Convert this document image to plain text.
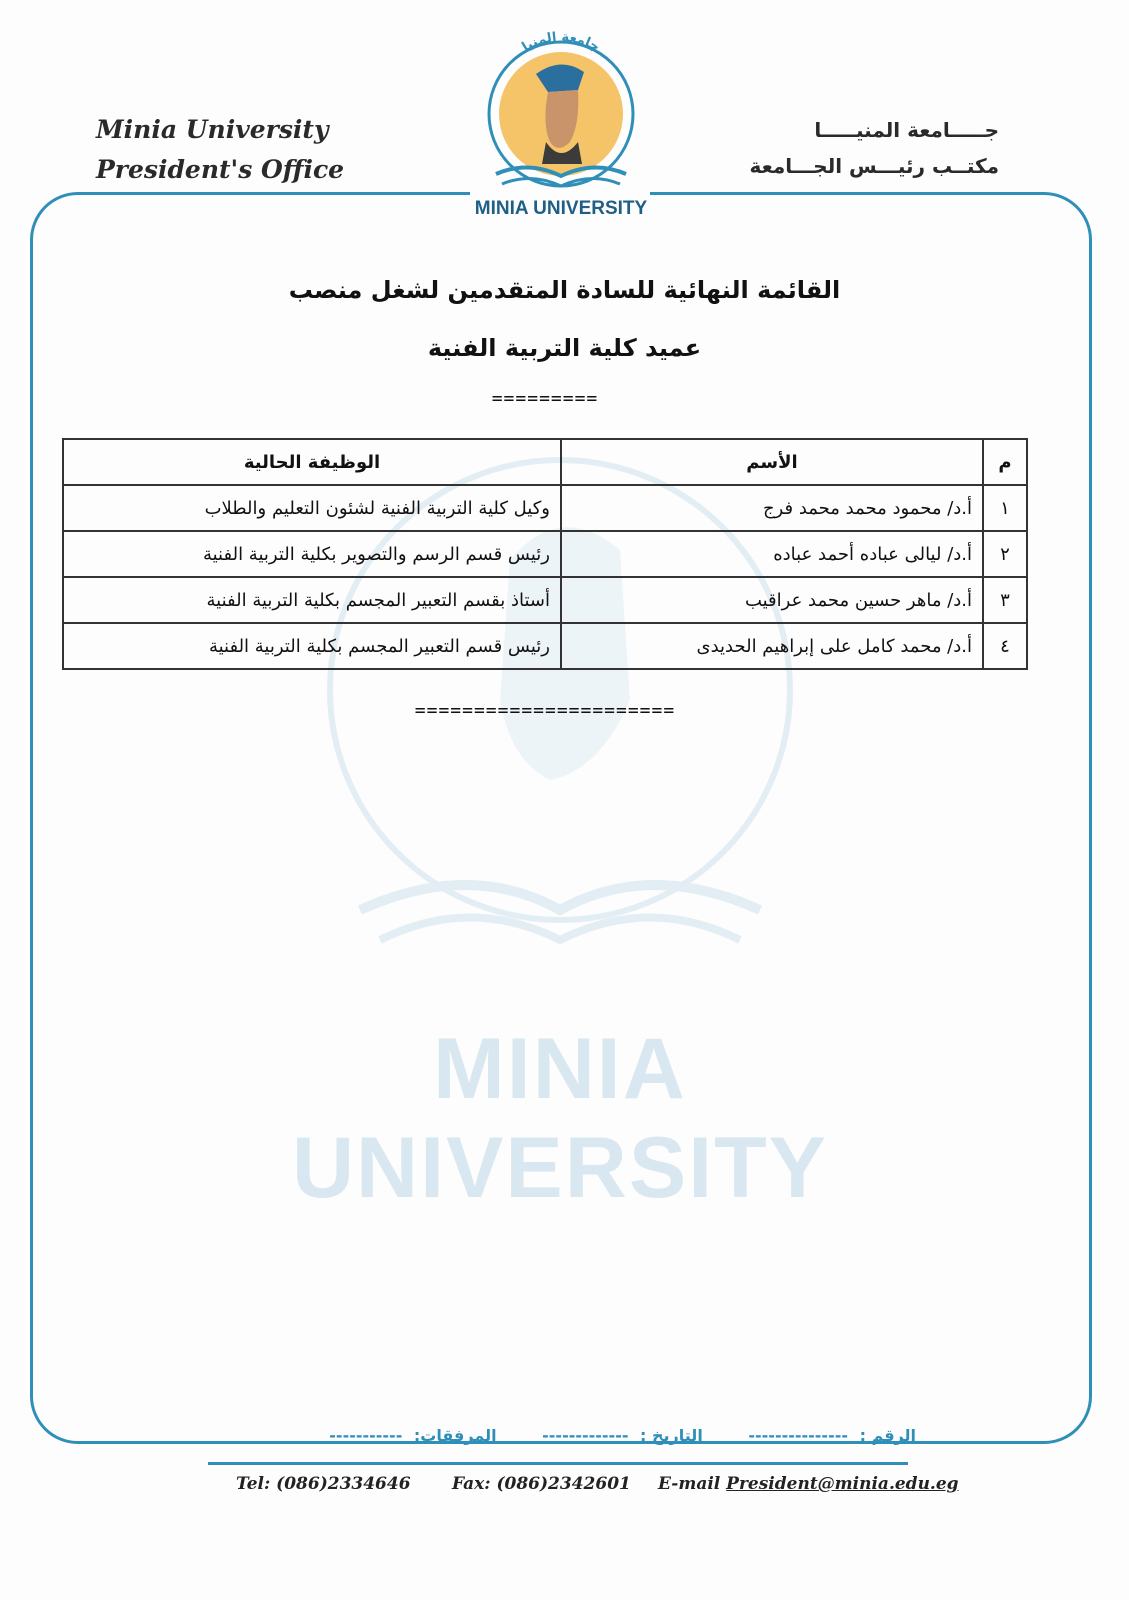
Minia University
President's Office
جـــــامعة المنيـــــا
مكتــب رئيـــس الجـــامعة
MINIA UNIVERSITY
جامعة المنيا
MINIA UNIVERSITY
القائمة النهائية للسادة المتقدمين لشغل منصب
عميد كلية التربية الفنية
=========
م	الأسم	الوظيفة الحالية
١	أ.د/ محمود محمد محمد فرج	وكيل كلية التربية الفنية لشئون التعليم والطلاب
٢	أ.د/ ليالى عباده أحمد عباده	رئيس قسم الرسم والتصوير بكلية التربية الفنية
٣	أ.د/ ماهر حسين محمد عراقيب	أستاذ بقسم التعبير المجسم بكلية التربية الفنية
٤	أ.د/ محمد كامل على إبراهيم الحديدى	رئيس قسم التعبير المجسم بكلية التربية الفنية
======================
الرقم : --------------- التاريخ : ------------- المرفقات: -----------
Tel: (086)2334646 Fax: (086)2342601 E-mail President@minia.edu.eg
